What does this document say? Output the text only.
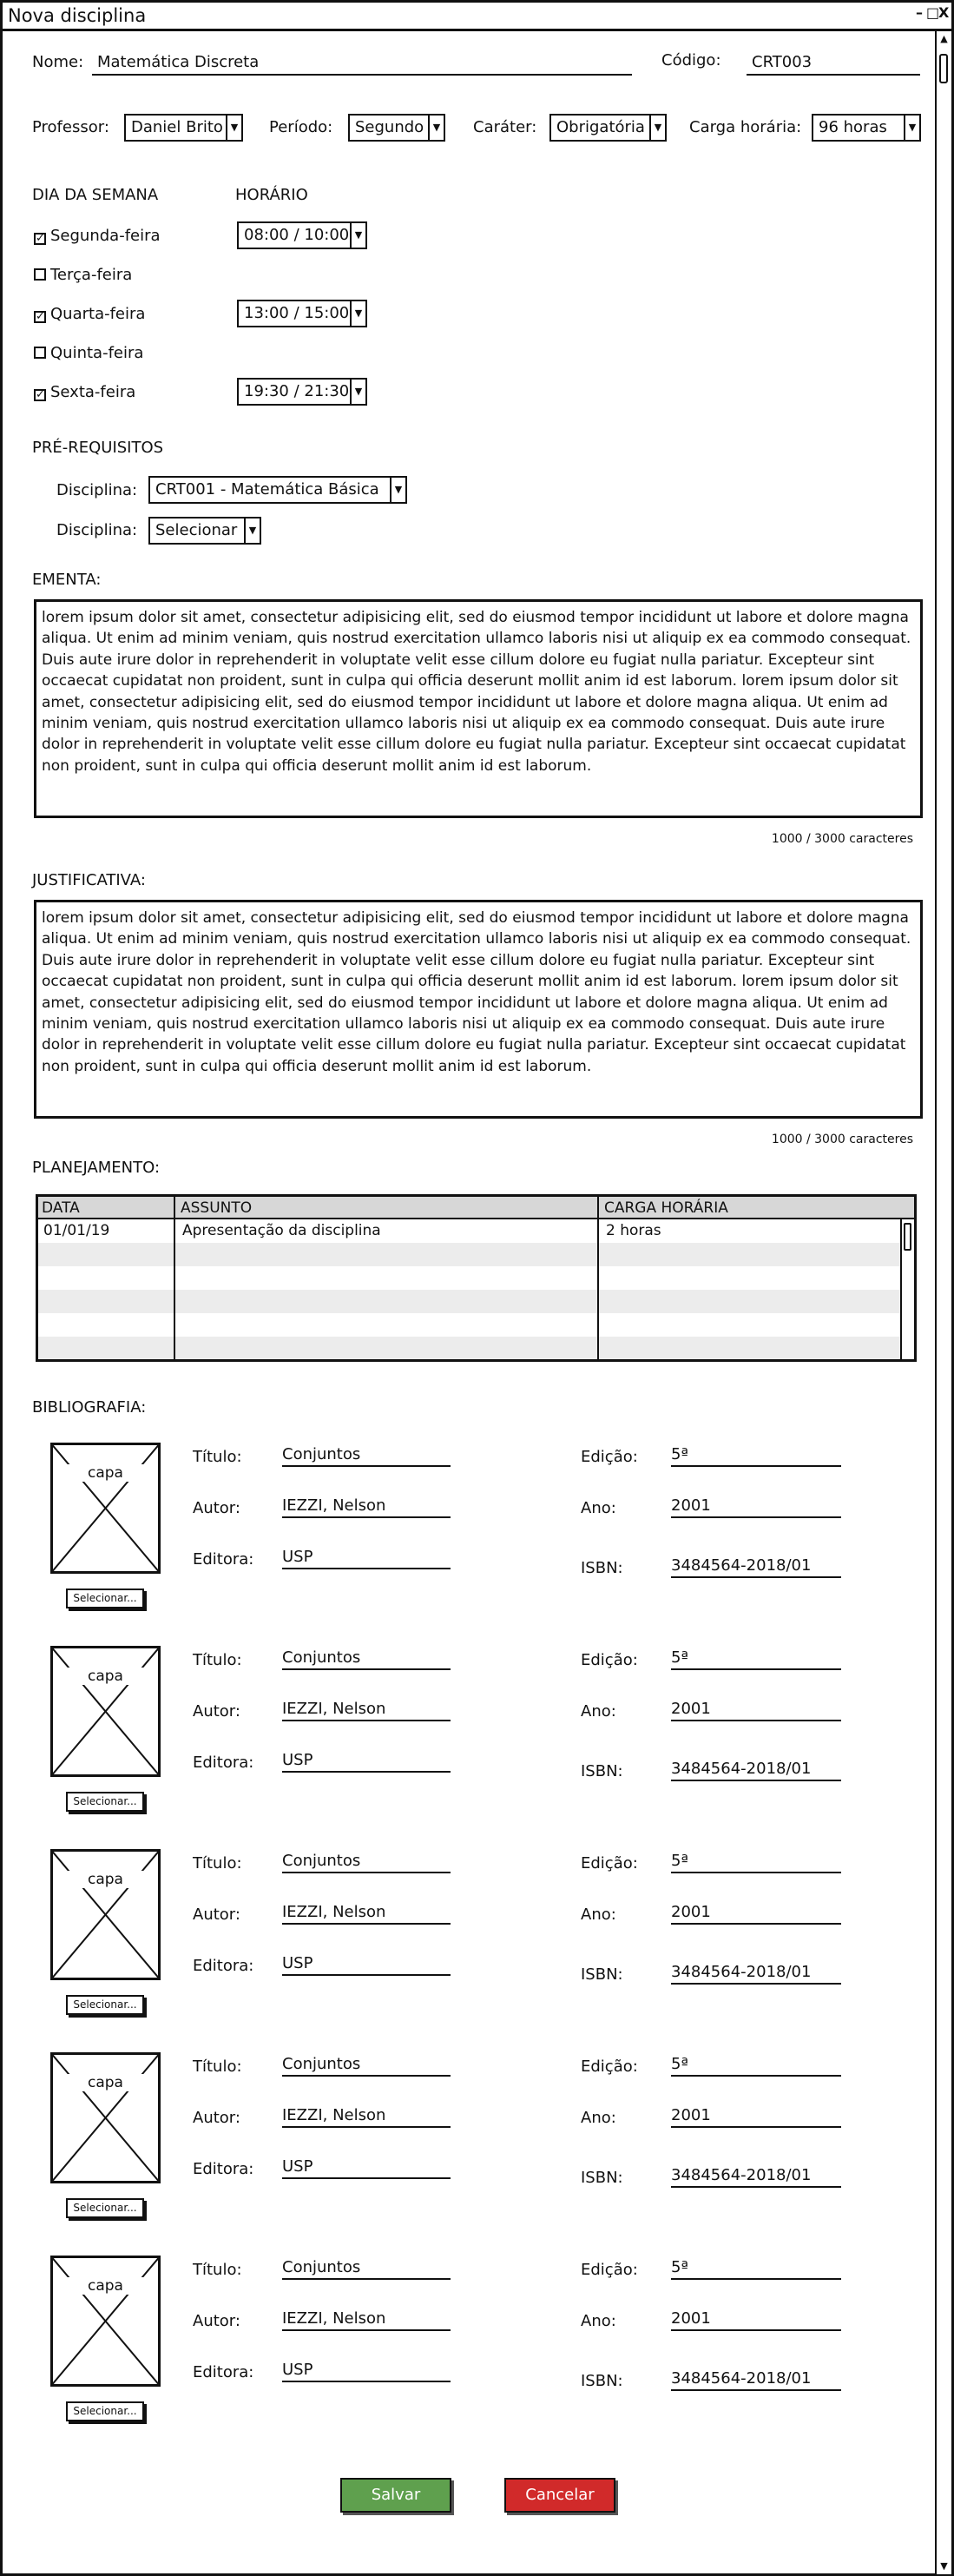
Nova disciplina	– □
X
▲
▼
Nome: Matemática Discreta	Código:	CRT003
Professor:	Daniel Brito ▼ Período:	Segundo ▼ Caráter:	Obrigatória ▼ Carga horária:	96 horas	▼
DIA DA SEMANA	HORÁRIO
✓ Segunda-feira	08:00 / 10:00 ▼
Terça-feira
✓ Quarta-feira	13:00 / 15:00 ▼
Quinta-feira
✓ Sexta-feira	19:30 / 21:30 ▼
PRÉ-REQUISITOS
Disciplina:	CRT001 - Matemática Básica	▼
Disciplina:	Selecionar	▼
EMENTA:
lorem ipsum dolor sit amet, consectetur adipisicing elit, sed do eiusmod tempor incididunt ut labore et dolore magna aliqua. Ut enim ad minim veniam, quis nostrud exercitation ullamco laboris nisi ut aliquip ex ea commodo consequat. Duis aute irure dolor in reprehenderit in voluptate velit esse cillum dolore eu fugiat nulla pariatur. Excepteur sint occaecat cupidatat non proident, sunt in culpa qui officia deserunt mollit anim id est laborum. lorem ipsum dolor sit amet, consectetur adipisicing elit, sed do eiusmod tempor incididunt ut labore et dolore magna aliqua. Ut enim ad minim veniam, quis nostrud exercitation ullamco laboris nisi ut aliquip ex ea commodo consequat. Duis aute irure dolor in reprehenderit in voluptate velit esse cillum dolore eu fugiat nulla pariatur. Excepteur sint occaecat cupidatat non proident, sunt in culpa qui officia deserunt mollit anim id est laborum.
1000 / 3000 caracteres
JUSTIFICATIVA:
lorem ipsum dolor sit amet, consectetur adipisicing elit, sed do eiusmod tempor incididunt ut labore et dolore magna aliqua. Ut enim ad minim veniam, quis nostrud exercitation ullamco laboris nisi ut aliquip ex ea commodo consequat. Duis aute irure dolor in reprehenderit in voluptate velit esse cillum dolore eu fugiat nulla pariatur. Excepteur sint occaecat cupidatat non proident, sunt in culpa qui officia deserunt mollit anim id est laborum. lorem ipsum dolor sit amet, consectetur adipisicing elit, sed do eiusmod tempor incididunt ut labore et dolore magna aliqua. Ut enim ad minim veniam, quis nostrud exercitation ullamco laboris nisi ut aliquip ex ea commodo consequat. Duis aute irure dolor in reprehenderit in voluptate velit esse cillum dolore eu fugiat nulla pariatur. Excepteur sint occaecat cupidatat non proident, sunt in culpa qui officia deserunt mollit anim id est laborum.
1000 / 3000 caracteres
PLANEJAMENTO:
DATA	ASSUNTO	CARGA HORÁRIA
01/01/19	Apresentação da disciplina	2 horas
BIBLIOGRAFIA:
capa
Selecionar...
Título:	Conjuntos
Autor:	IEZZI, Nelson
Editora: USP
Edição: 5ª
Ano:	2001
ISBN:	3484564-2018/01
capa
Selecionar...
Título:	Conjuntos
Autor:	IEZZI, Nelson
Editora: USP
Edição: 5ª
Ano:	2001
ISBN:	3484564-2018/01
capa
Selecionar...
Título:	Conjuntos
Autor:	IEZZI, Nelson
Editora: USP
Edição: 5ª
Ano:	2001
ISBN:	3484564-2018/01
capa
Selecionar...
Título:	Conjuntos
Autor:	IEZZI, Nelson
Editora: USP
Edição: 5ª
Ano:	2001
ISBN:	3484564-2018/01
capa
Selecionar...
Título:	Conjuntos
Autor:	IEZZI, Nelson
Editora: USP
Edição: 5ª
Ano:	2001
ISBN:	3484564-2018/01
Salvar	Cancelar
